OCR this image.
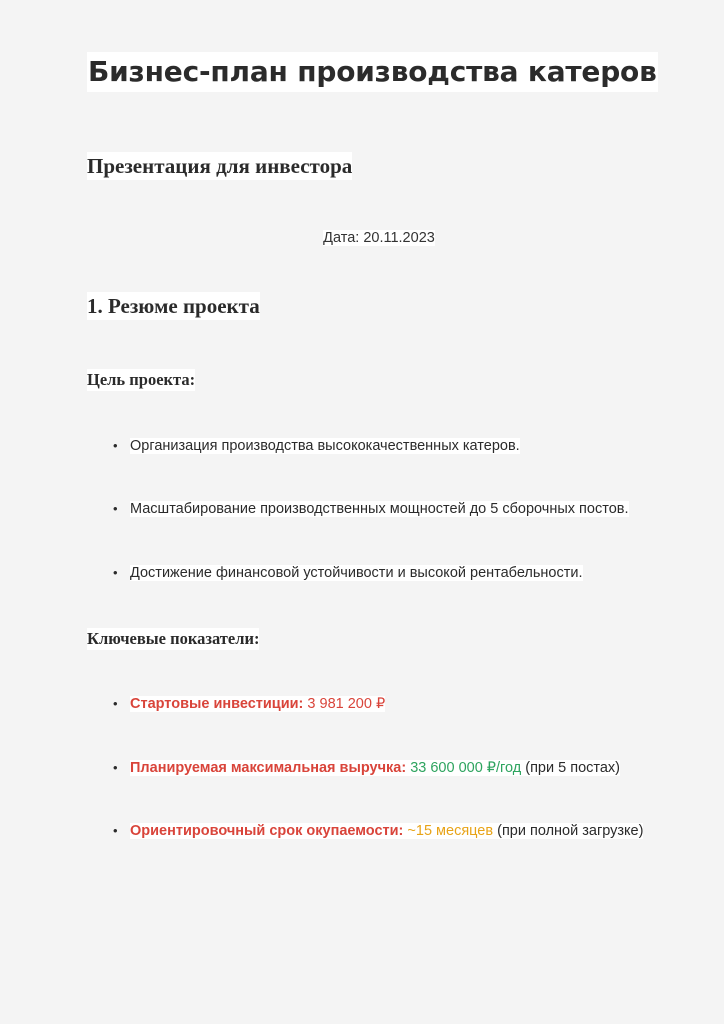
Бизнес-план производства катеров
Презентация для инвестора
Дата: 20.11.2023
1. Резюме проекта
Цель проекта:
• Организация производства высококачественных катеров.
• Масштабирование производственных мощностей до 5 сборочных постов.
• Достижение финансовой устойчивости и высокой рентабельности.
Ключевые показатели:
• Стартовые инвестиции: 3 981 200 ₽
• Планируемая максимальная выручка: 33 600 000 ₽/год (при 5 постах)
• Ориентировочный срок окупаемости: ~15 месяцев (при полной загрузке)
